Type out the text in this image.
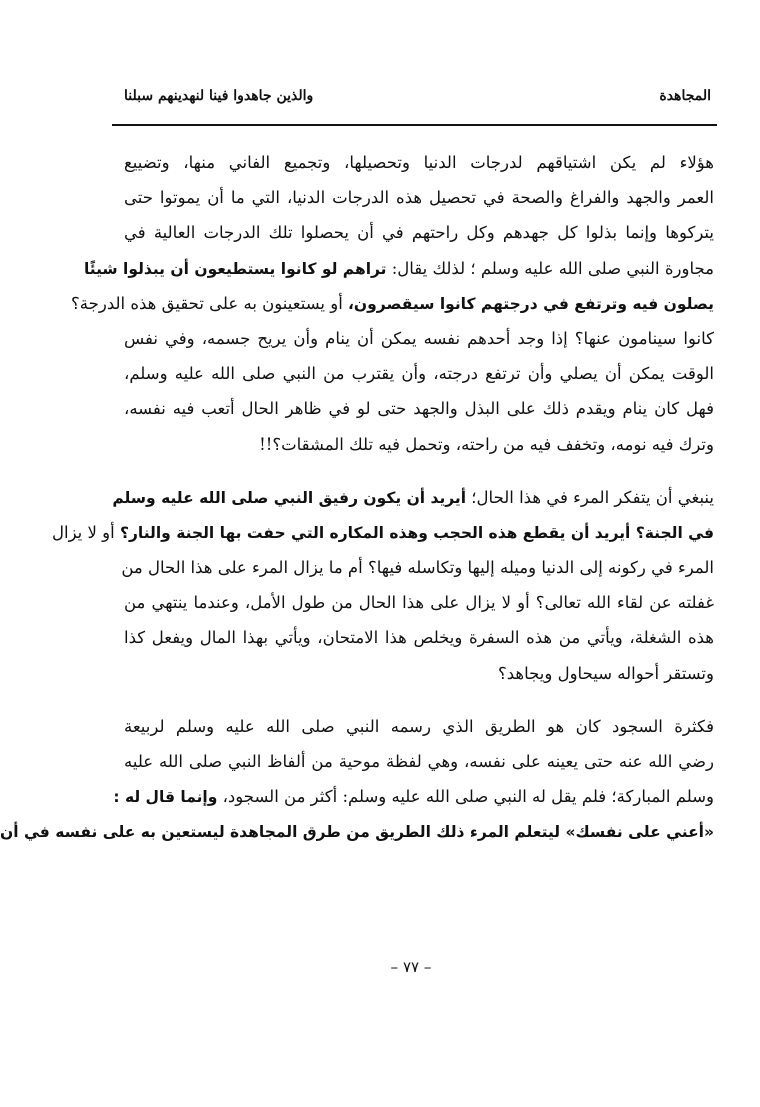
المجاهدة
والذين جاهدوا فينا لنهدينهم سبلنا
هؤلاء لم يكن اشتياقهم لدرجات الدنيا وتحصيلها، وتجميع الفاني منها، وتضييع
العمر والجهد والفراغ والصحة في تحصيل هذه الدرجات الدنيا، التي ما أن يموتوا حتى
يتركوها وإنما بذلوا كل جهدهم وكل راحتهم في أن يحصلوا تلك الدرجات العالية في
مجاورة النبي صلى الله عليه وسلم ؛ لذلك يقال: تراهم لو كانوا يستطيعون أن يبذلوا شيئًا
يصلون فيه وترتفع في درجتهم كانوا سيقصرون، أو يستعينون به على تحقيق هذه الدرجة؟
كانوا سينامون عنها؟ إذا وجد أحدهم نفسه يمكن أن ينام وأن يريح جسمه، وفي نفس
الوقت يمكن أن يصلي وأن ترتفع درجته، وأن يقترب من النبي صلى الله عليه وسلم،
فهل كان ينام ويقدم ذلك على البذل والجهد حتى لو في ظاهر الحال أتعب فيه نفسه،
وترك فيه نومه، وتخفف فيه من راحته، وتحمل فيه تلك المشقات؟!!
ينبغي أن يتفكر المرء في هذا الحال؛ أيريد أن يكون رفيق النبي صلى الله عليه وسلم
في الجنة؟ أيريد أن يقطع هذه الحجب وهذه المكاره التي حفت بها الجنة والنار؟ أو لا يزال
المرء في ركونه إلى الدنيا وميله إليها وتكاسله فيها؟ أم ما يزال المرء على هذا الحال من
غفلته عن لقاء الله تعالى؟ أو لا يزال على هذا الحال من طول الأمل، وعندما ينتهي من
هذه الشغلة، ويأتي من هذه السفرة ويخلص هذا الامتحان، ويأتي بهذا المال ويفعل كذا
وتستقر أحواله سيحاول ويجاهد؟
فكثرة السجود كان هو الطريق الذي رسمه النبي صلى الله عليه وسلم لربيعة
رضي الله عنه حتى يعينه على نفسه، وهي لفظة موحية من ألفاظ النبي صلى الله عليه
وسلم المباركة؛ فلم يقل له النبي صلى الله عليه وسلم: أكثر من السجود، وإنما قال له :
«أعني على نفسك» ليتعلم المرء ذلك الطريق من طرق المجاهدة ليستعين به على نفسه في أن
– ٧٧ –
